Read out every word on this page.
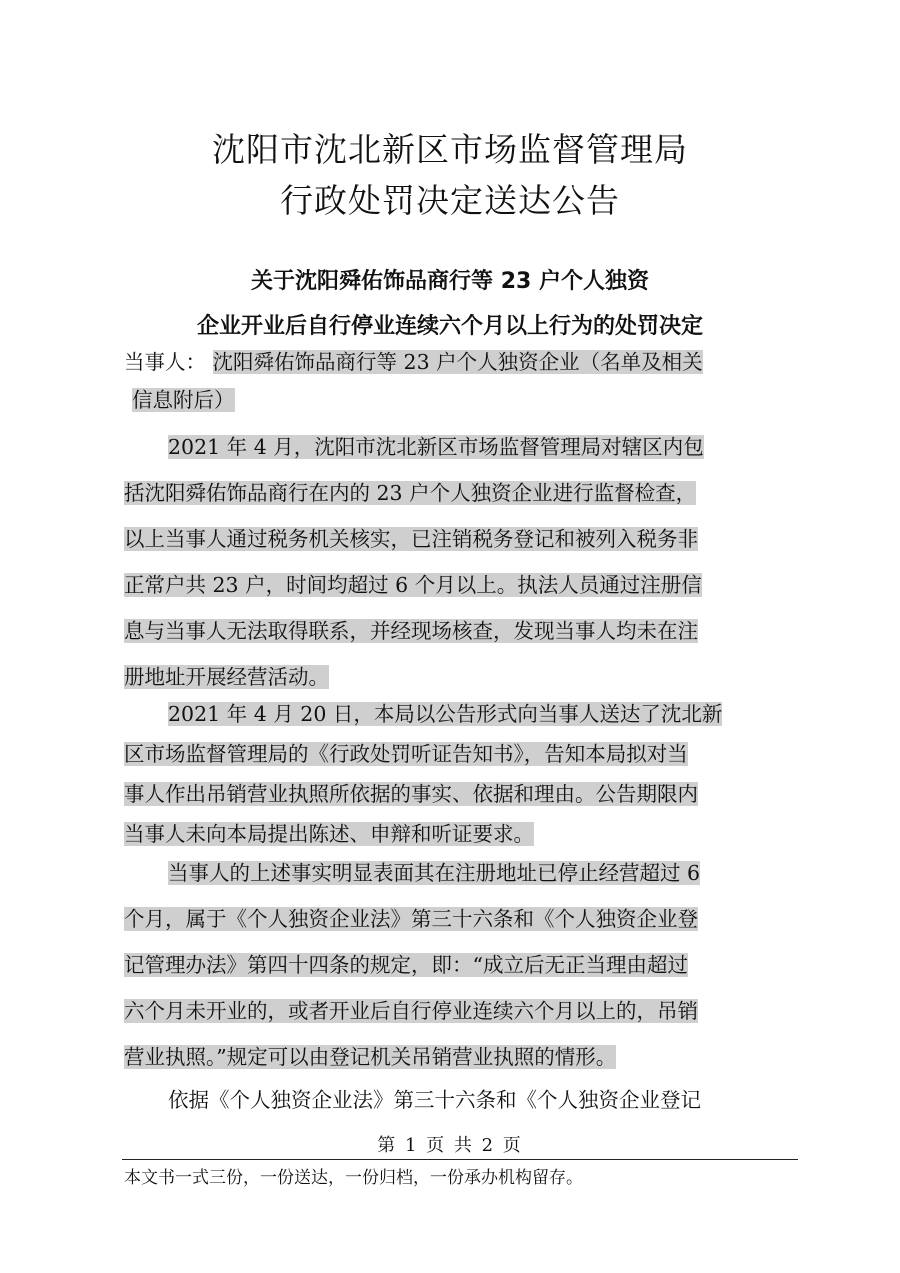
沈阳市沈北新区市场监督管理局
行政处罚决定送达公告
关于沈阳舜佑饰品商行等 23 户个人独资
企业开业后自行停业连续六个月以上行为的处罚决定
当事人： 沈阳舜佑饰品商行等 23 户个人独资企业（名单及相关
信息附后）
2021 年 4 月，沈阳市沈北新区市场监督管理局对辖区内包
括沈阳舜佑饰品商行在内的 23 户个人独资企业进行监督检查，
以上当事人通过税务机关核实，已注销税务登记和被列入税务非
正常户共 23 户，时间均超过 6 个月以上。执法人员通过注册信
息与当事人无法取得联系，并经现场核查，发现当事人均未在注
册地址开展经营活动。
2021 年 4 月 20 日，本局以公告形式向当事人送达了沈北新
区市场监督管理局的《行政处罚听证告知书》，告知本局拟对当
事人作出吊销营业执照所依据的事实、依据和理由。公告期限内
当事人未向本局提出陈述、申辩和听证要求。
当事人的上述事实明显表面其在注册地址已停止经营超过 6
个月，属于《个人独资企业法》第三十六条和《个人独资企业登
记管理办法》第四十四条的规定，即：“成立后无正当理由超过
六个月未开业的，或者开业后自行停业连续六个月以上的，吊销
营业执照。”规定可以由登记机关吊销营业执照的情形。
依据《个人独资企业法》第三十六条和《个人独资企业登记

第 1 页 共 2 页

本文书一式三份，一份送达，一份归档，一份承办机构留存。
